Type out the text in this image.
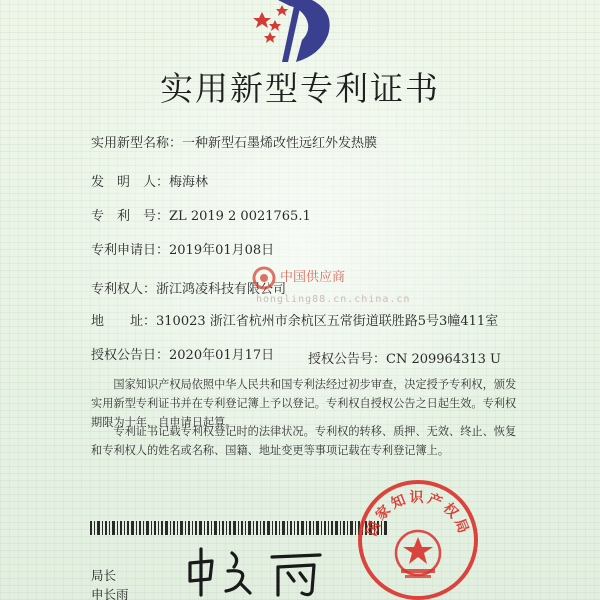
实用新型专利证书
实用新型名称：一种新型石墨烯改性远红外发热膜
发　明　人：梅海林
专　利　号：ZL 2019 2 0021765.1
专利申请日：2019年01月08日
专利权人：浙江鸿凌科技有限公司
地　　址：310023 浙江省杭州市余杭区五常街道联胜路5号3幢411室
授权公告日：2020年01月17日	授权公告号：CN 209964313 U
中国供应商
hongling88.cn.china.cn
国家知识产权局依照中华人民共和国专利法经过初步审查，决定授予专利权，颁发实用新型专利证书并在专利登记簿上予以登记。专利权自授权公告之日起生效。专利权期限为十年，自申请日起算。
专利证书记载专利权登记时的法律状况。专利权的转移、质押、无效、终止、恢复和专利权人的姓名或名称、国籍、地址变更等事项记载在专利登记簿上。
局长
申长雨
国家知识产权局
